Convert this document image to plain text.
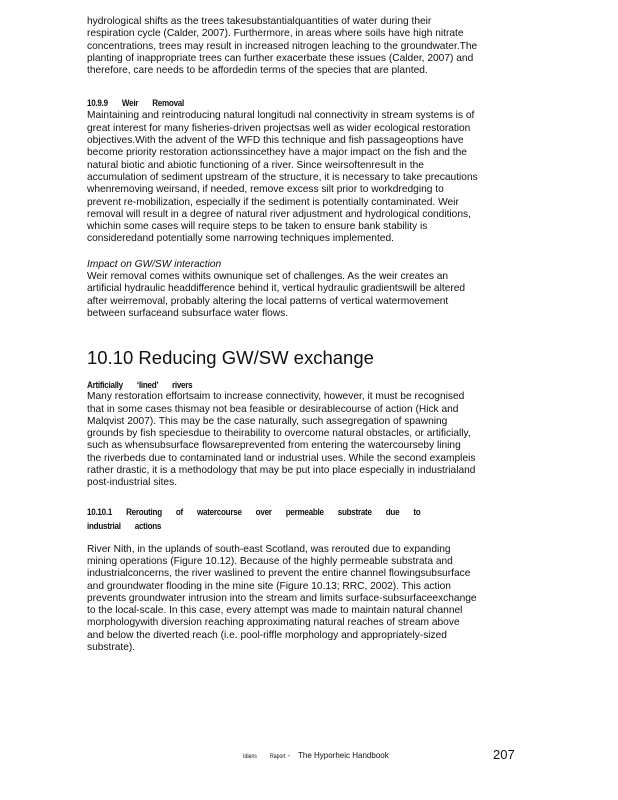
hydrological shifts as the trees takesubstantialquantities of water during their

respiration cycle (Calder, 2007). Furthermore, in areas where soils have high nitrate

concentrations, trees may result in increased nitrogen leaching to the groundwater.The

planting of inappropriate trees can further exacerbate these issues (Calder, 2007) and

therefore, care needs to be affordedin terms of the species that are planted.

10.9.9 Weir Removal

Maintaining and reintroducing natural longitudi nal connectivity in stream systems is of

great interest for many fisheries-driven projectsas well as wider ecological restoration

objectives.With the advent of the WFD this technique and fish passageoptions have

become priority restoration actionssincethey have a major impact on the fish and the

natural biotic and abiotic functioning of a river. Since weirsoftenresult in the

accumulation of sediment upstream of the structure, it is necessary to take precautions

whenremoving weirsand, if needed, remove excess silt prior to workdredging to

prevent re-mobilization, especially if the sediment is potentially contaminated. Weir

removal will result in a degree of natural river adjustment and hydrological conditions,

whichin some cases will require steps to be taken to ensure bank stability is

consideredand potentially some narrowing techniques implemented.

Impact on GW/SW interaction

Weir removal comes withits ownunique set of challenges. As the weir creates an

artificial hydraulic headdifference behind it, vertical hydraulic gradientswill be altered

after weirremoval, probably altering the local patterns of vertical watermovement

between surfaceand subsurface water flows.

10.10 Reducing GW/SW exchange
Artificially ‘lined’ rivers

Many restoration effortsaim to increase connectivity, however, it must be recognised

that in some cases thismay not bea feasible or desirablecourse of action (Hick and

Malqvist 2007). This may be the case naturally, such assegregation of spawning

grounds by fish speciesdue to theirability to overcome natural obstacles, or artificially,

such as whensubsurface flowsareprevented from entering the watercourseby lining

the riverbeds due to contaminated land or industrial uses. While the second exampleis

rather drastic, it is a methodology that may be put into place especially in industrialand

post-industrial sites.

10.10.1 Rerouting of watercourse over permeable substrate due to
industrial actions

River Nith, in the uplands of south-east Scotland, was rerouted due to expanding

mining operations (Figure 10.12). Because of the highly permeable substrata and

industrialconcerns, the river waslined to prevent the entire channel flowingsubsurface

and groundwater flooding in the mine site (Figure 10.13; RRC, 2002). This action

prevents groundwater intrusion into the stream and limits surface-subsurfaceexchange

to the local-scale. In this case, every attempt was made to maintain natural channel

morphologywith diversion reaching approximating natural reaches of stream above

and below the diverted reach (i.e. pool-riffle morphology and appropriately-sized

substrate).

Idiens Raport - The Hyporheic Handbook	207
